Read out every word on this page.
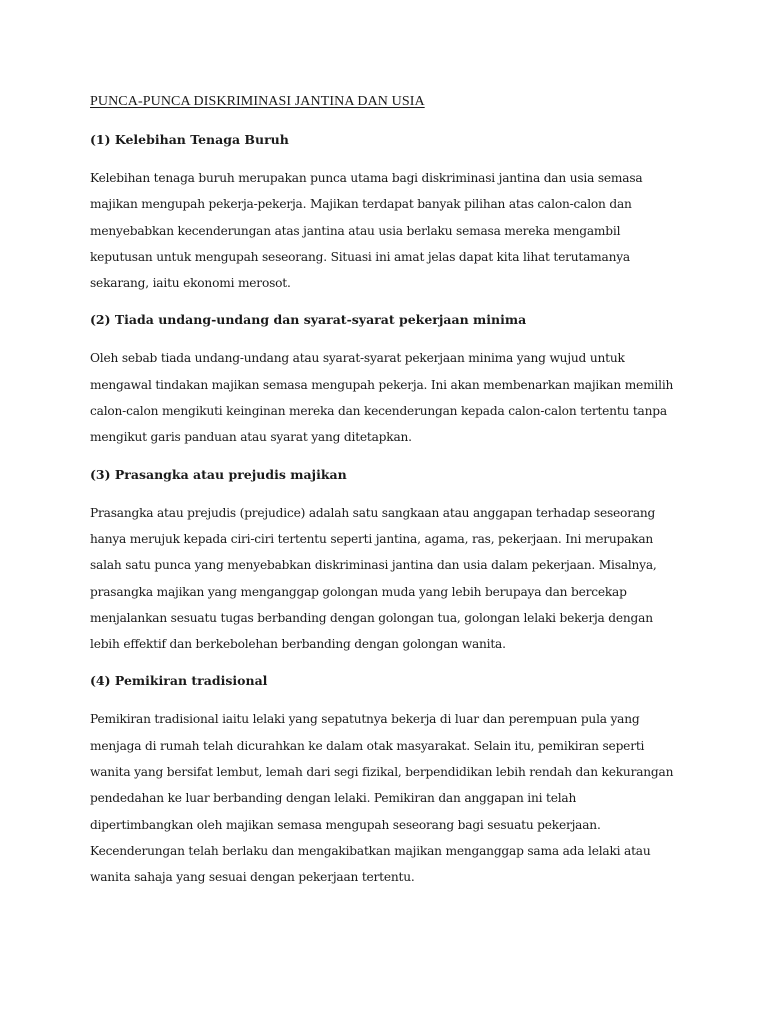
PUNCA-PUNCA DISKRIMINASI JANTINA DAN USIA
(1) Kelebihan Tenaga Buruh
Kelebihan tenaga buruh merupakan punca utama bagi diskriminasi jantina dan usia semasa
majikan mengupah pekerja-pekerja. Majikan terdapat banyak pilihan atas calon-calon dan
menyebabkan kecenderungan atas jantina atau usia berlaku semasa mereka mengambil
keputusan untuk mengupah seseorang. Situasi ini amat jelas dapat kita lihat terutamanya
sekarang, iaitu ekonomi merosot.
(2) Tiada undang-undang dan syarat-syarat pekerjaan minima
Oleh sebab tiada undang-undang atau syarat-syarat pekerjaan minima yang wujud untuk
mengawal tindakan majikan semasa mengupah pekerja. Ini akan membenarkan majikan memilih
calon-calon mengikuti keinginan mereka dan kecenderungan kepada calon-calon tertentu tanpa
mengikut garis panduan atau syarat yang ditetapkan.
(3) Prasangka atau prejudis majikan
Prasangka atau prejudis (prejudice) adalah satu sangkaan atau anggapan terhadap seseorang
hanya merujuk kepada ciri-ciri tertentu seperti jantina, agama, ras, pekerjaan. Ini merupakan
salah satu punca yang menyebabkan diskriminasi jantina dan usia dalam pekerjaan. Misalnya,
prasangka majikan yang menganggap golongan muda yang lebih berupaya dan bercekap
menjalankan sesuatu tugas berbanding dengan golongan tua, golongan lelaki bekerja dengan
lebih effektif dan berkebolehan berbanding dengan golongan wanita.
(4) Pemikiran tradisional
Pemikiran tradisional iaitu lelaki yang sepatutnya bekerja di luar dan perempuan pula yang
menjaga di rumah telah dicurahkan ke dalam otak masyarakat. Selain itu, pemikiran seperti
wanita yang bersifat lembut, lemah dari segi fizikal, berpendidikan lebih rendah dan kekurangan
pendedahan ke luar berbanding dengan lelaki. Pemikiran dan anggapan ini telah
dipertimbangkan oleh majikan semasa mengupah seseorang bagi sesuatu pekerjaan.
Kecenderungan telah berlaku dan mengakibatkan majikan menganggap sama ada lelaki atau
wanita sahaja yang sesuai dengan pekerjaan tertentu.
